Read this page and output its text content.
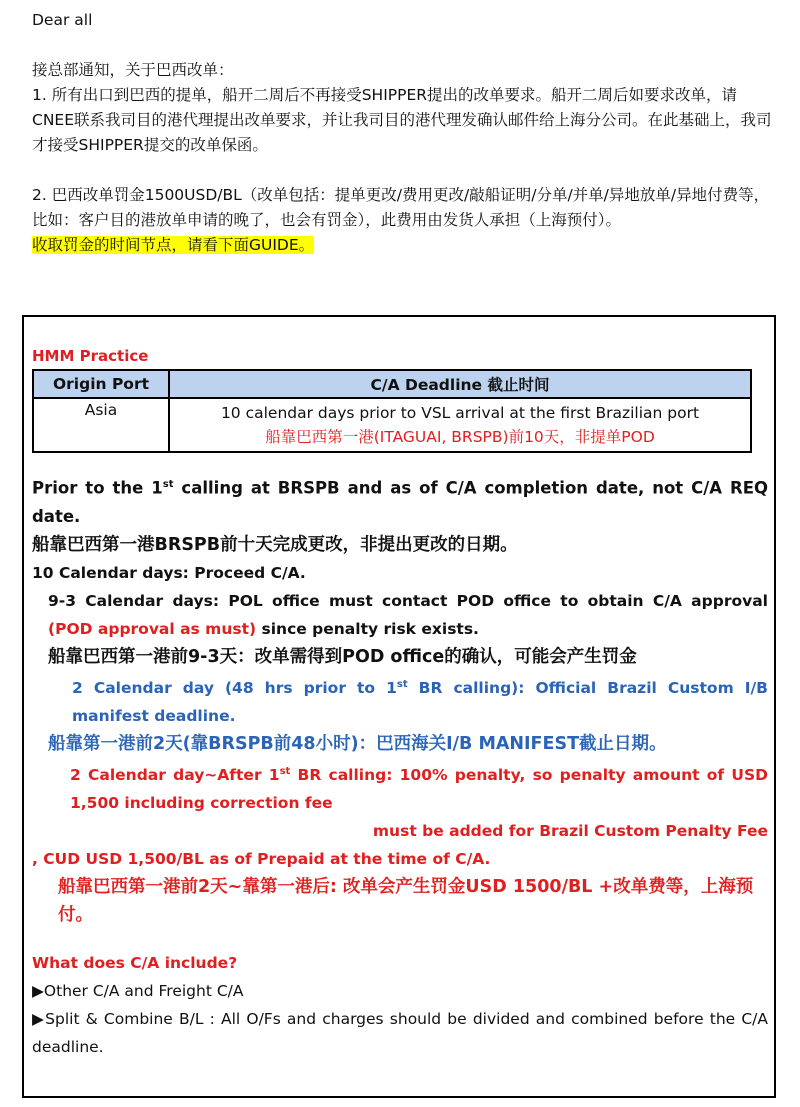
Dear all

接总部通知，关于巴西改单：

1. 所有出口到巴西的提单，船开二周后不再接受SHIPPER提出的改单要求。船开二周后如要求改单，请CNEE联系我司目的港代理提出改单要求，并让我司目的港代理发确认邮件给上海分公司。在此基础上，我司才接受SHIPPER提交的改单保函。

2. 巴西改单罚金1500USD/BL（改单包括：提单更改/费用更改/敲船证明/分单/并单/异地放单/异地付费等，比如：客户目的港放单申请的晚了，也会有罚金），此费用由发货人承担（上海预付）。

收取罚金的时间节点，请看下面GUIDE。

HMM Practice

Origin Port	C/A Deadline 截止时间
Asia	10 calendar days prior to VSL arrival at the first Brazilian port
船靠巴西第一港(ITAGUAI, BRSPB)前10天，非提单POD

Prior to the 1st calling at BRSPB and as of C/A completion date, not C/A REQ date.

船靠巴西第一港BRSPB前十天完成更改，非提出更改的日期。

10 Calendar days: Proceed C/A.

9-3 Calendar days: POL office must contact POD office to obtain C/A approval (POD approval as must) since penalty risk exists.

船靠巴西第一港前9-3天：改单需得到POD office的确认，可能会产生罚金

2 Calendar day (48 hrs prior to 1st BR calling): Official Brazil Custom I/B manifest deadline.

船靠第一港前2天(靠BRSPB前48小时)：巴西海关I/B MANIFEST截止日期。

2 Calendar day~After 1st BR calling: 100% penalty, so penalty amount of USD 1,500 including correction fee

must be added for Brazil Custom Penalty Fee

, CUD USD 1,500/BL as of Prepaid at the time of C/A.

船靠巴西第一港前2天~靠第一港后: 改单会产生罚金USD 1500/BL +改单费等，上海预付。

What does C/A include?

▶Other C/A and Freight C/A

▶Split & Combine B/L : All O/Fs and charges should be divided and combined before the C/A deadline.
